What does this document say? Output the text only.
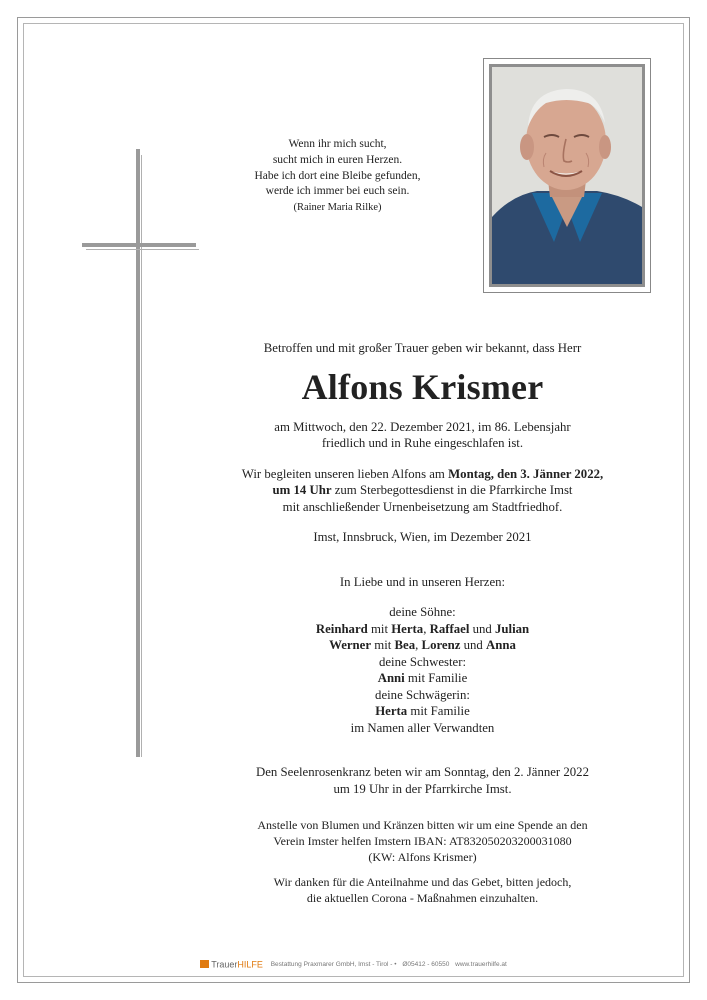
Wenn ihr mich sucht,
sucht mich in euren Herzen.
Habe ich dort eine Bleibe gefunden,
werde ich immer bei euch sein.
(Rainer Maria Rilke)

Betroffen und mit großer Trauer geben wir bekannt, dass Herr

Alfons Krismer

am Mittwoch, den 22. Dezember 2021, im 86. Lebensjahr

friedlich und in Ruhe eingeschlafen ist.

Wir begleiten unseren lieben Alfons am Montag, den 3. Jänner 2022,

um 14 Uhr zum Sterbegottesdienst in die Pfarrkirche Imst

mit anschließender Urnenbeisetzung am Stadtfriedhof.

Imst, Innsbruck, Wien, im Dezember 2021

In Liebe und in unseren Herzen:

deine Söhne:

Reinhard mit Herta, Raffael und Julian

Werner mit Bea, Lorenz und Anna

deine Schwester:

Anni mit Familie

deine Schwägerin:

Herta mit Familie

im Namen aller Verwandten

Den Seelenrosenkranz beten wir am Sonntag, den 2. Jänner 2022

um 19 Uhr in der Pfarrkirche Imst.

Anstelle von Blumen und Kränzen bitten wir um eine Spende an den

Verein Imster helfen Imstern IBAN: AT832050203200031080

(KW: Alfons Krismer)

Wir danken für die Anteilnahme und das Gebet, bitten jedoch,

die aktuellen Corona - Maßnahmen einzuhalten.

TrauerHILFE Bestattung Praxmarer GmbH, Imst - Tirol - • Ø05412 - 60550 www.trauerhilfe.at
